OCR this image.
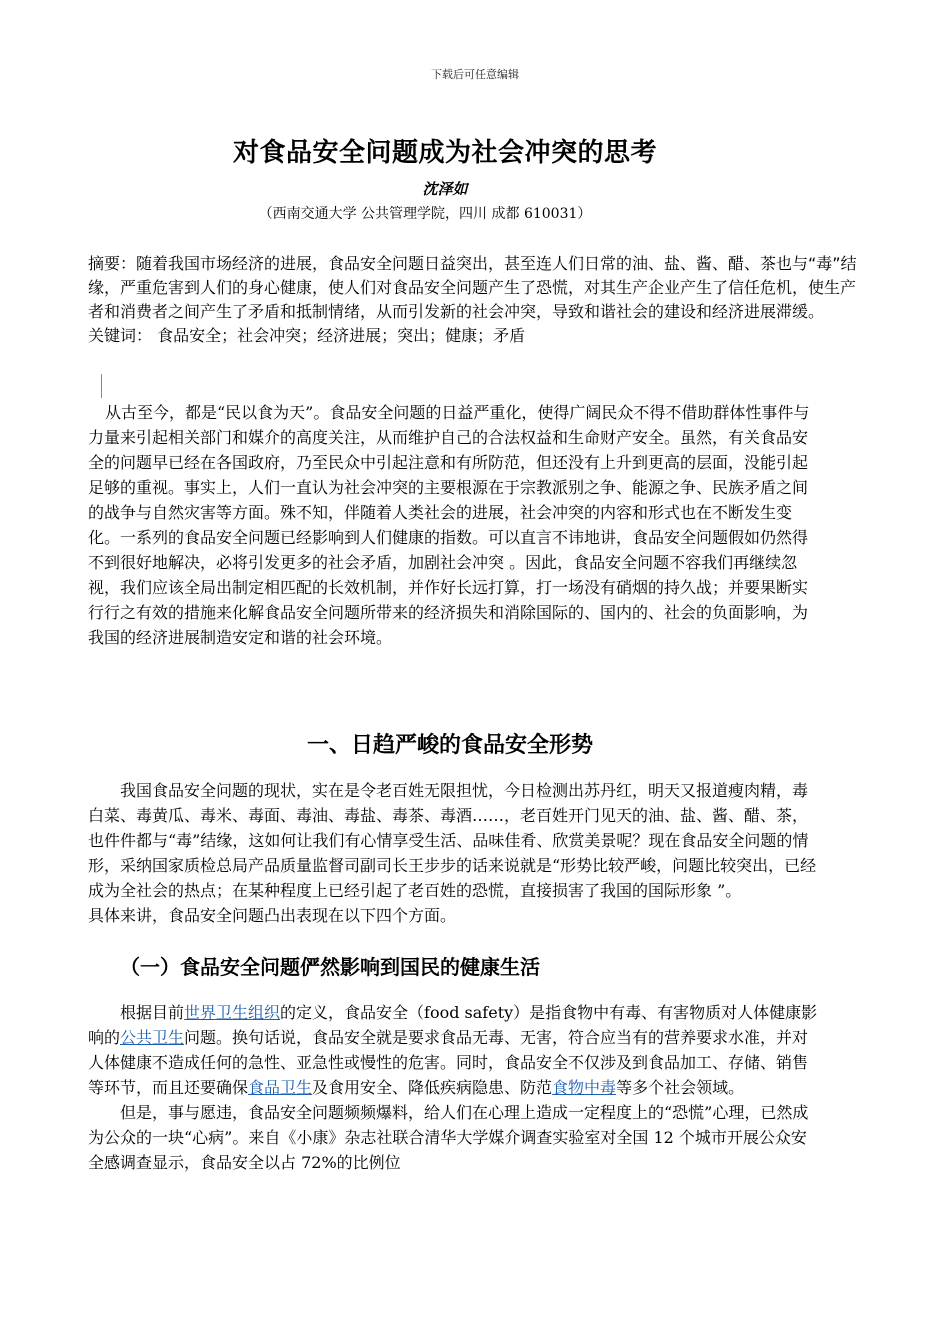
下载后可任意编辑
对食品安全问题成为社会冲突的思考
沈泽如
（西南交通大学 公共管理学院，四川 成都 610031）

摘要：随着我国市场经济的进展，食品安全问题日益突出，甚至连人们日常的油、盐、酱、醋、茶也与“毒”结缘，严重危害到人们的身心健康，使人们对食品安全问题产生了恐慌，对其生产企业产生了信任危机，使生产者和消费者之间产生了矛盾和抵制情绪，从而引发新的社会冲突，导致和谐社会的建设和经济进展滞缓。

关键词： 食品安全；社会冲突；经济进展；突出；健康；矛盾

从古至今，都是“民以食为天”。食品安全问题的日益严重化，使得广阔民众不得不借助群体性事件与力量来引起相关部门和媒介的高度关注，从而维护自己的合法权益和生命财产安全。虽然，有关食品安全的问题早已经在各国政府，乃至民众中引起注意和有所防范，但还没有上升到更高的层面，没能引起足够的重视。事实上，人们一直认为社会冲突的主要根源在于宗教派别之争、能源之争、民族矛盾之间的战争与自然灾害等方面。殊不知，伴随着人类社会的进展，社会冲突的内容和形式也在不断发生变化。一系列的食品安全问题已经影响到人们健康的指数。可以直言不讳地讲，食品安全问题假如仍然得不到很好地解决，必将引发更多的社会矛盾，加剧社会冲突 。因此，食品安全问题不容我们再继续忽视，我们应该全局出制定相匹配的长效机制，并作好长远打算，打一场没有硝烟的持久战；并要果断实行行之有效的措施来化解食品安全问题所带来的经济损失和消除国际的、国内的、社会的负面影响，为我国的经济进展制造安定和谐的社会环境。

一、日趋严峻的食品安全形势

我国食品安全问题的现状，实在是令老百姓无限担忧，今日检测出苏丹红，明天又报道瘦肉精，毒白菜、毒黄瓜、毒米、毒面、毒油、毒盐、毒茶、毒酒……，老百姓开门见天的油、盐、酱、醋、茶，也件件都与“毒”结缘，这如何让我们有心情享受生活、品味佳肴、欣赏美景呢？现在食品安全问题的情形，采纳国家质检总局产品质量监督司副司长王步步的话来说就是“形势比较严峻，问题比较突出，已经成为全社会的热点；在某种程度上已经引起了老百姓的恐慌，直接损害了我国的国际形象 ”。

具体来讲，食品安全问题凸出表现在以下四个方面。

（一）食品安全问题俨然影响到国民的健康生活

根据目前世界卫生组织的定义，食品安全（food safety）是指食物中有毒、有害物质对人体健康影响的公共卫生问题。换句话说，食品安全就是要求食品无毒、无害，符合应当有的营养要求水准，并对人体健康不造成任何的急性、亚急性或慢性的危害。同时，食品安全不仅涉及到食品加工、存储、销售等环节，而且还要确保食品卫生及食用安全、降低疾病隐患、防范食物中毒等多个社会领域。

但是，事与愿违，食品安全问题频频爆料，给人们在心理上造成一定程度上的“恐慌”心理，已然成为公众的一块“心病”。来自《小康》杂志社联合清华大学媒介调查实验室对全国 12 个城市开展公众安全感调查显示，食品安全以占 72%的比例位
